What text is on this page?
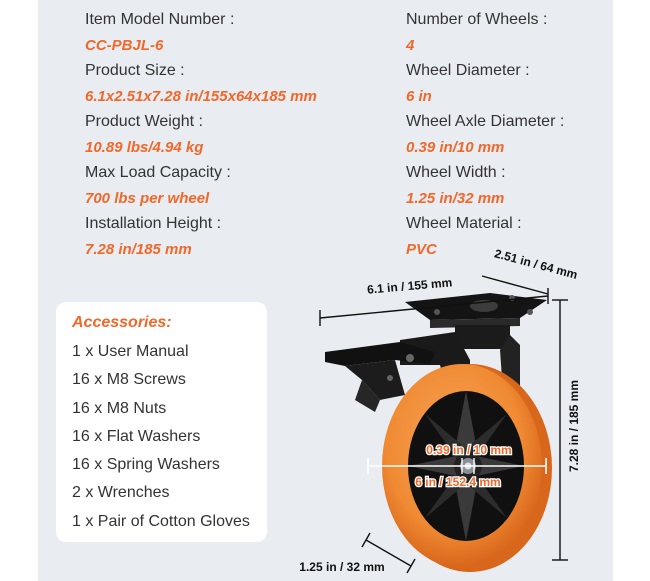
Item Model Number :
CC-PBJL-6
Number of Wheels :
4
Product Size :
6.1x2.51x7.28 in/155x64x185 mm
Wheel Diameter :
6 in
Product Weight :
10.89 lbs/4.94 kg
Wheel Axle Diameter :
0.39 in/10 mm
Max Load Capacity :
700 lbs per wheel
Wheel Width :
1.25 in/32 mm
Installation Height :
7.28 in/185 mm
Wheel Material :
PVC
Accessories:
1 x User Manual
16 x M8 Screws
16 x M8 Nuts
16 x Flat Washers
16 x Spring Washers
2 x Wrenches
1 x Pair of Cotton Gloves
6.1 in / 155 mm
2.51 in / 64 mm
7.28 in / 185 mm
0.39 in / 10 mm
6 in / 152.4 mm
1.25 in / 32 mm
